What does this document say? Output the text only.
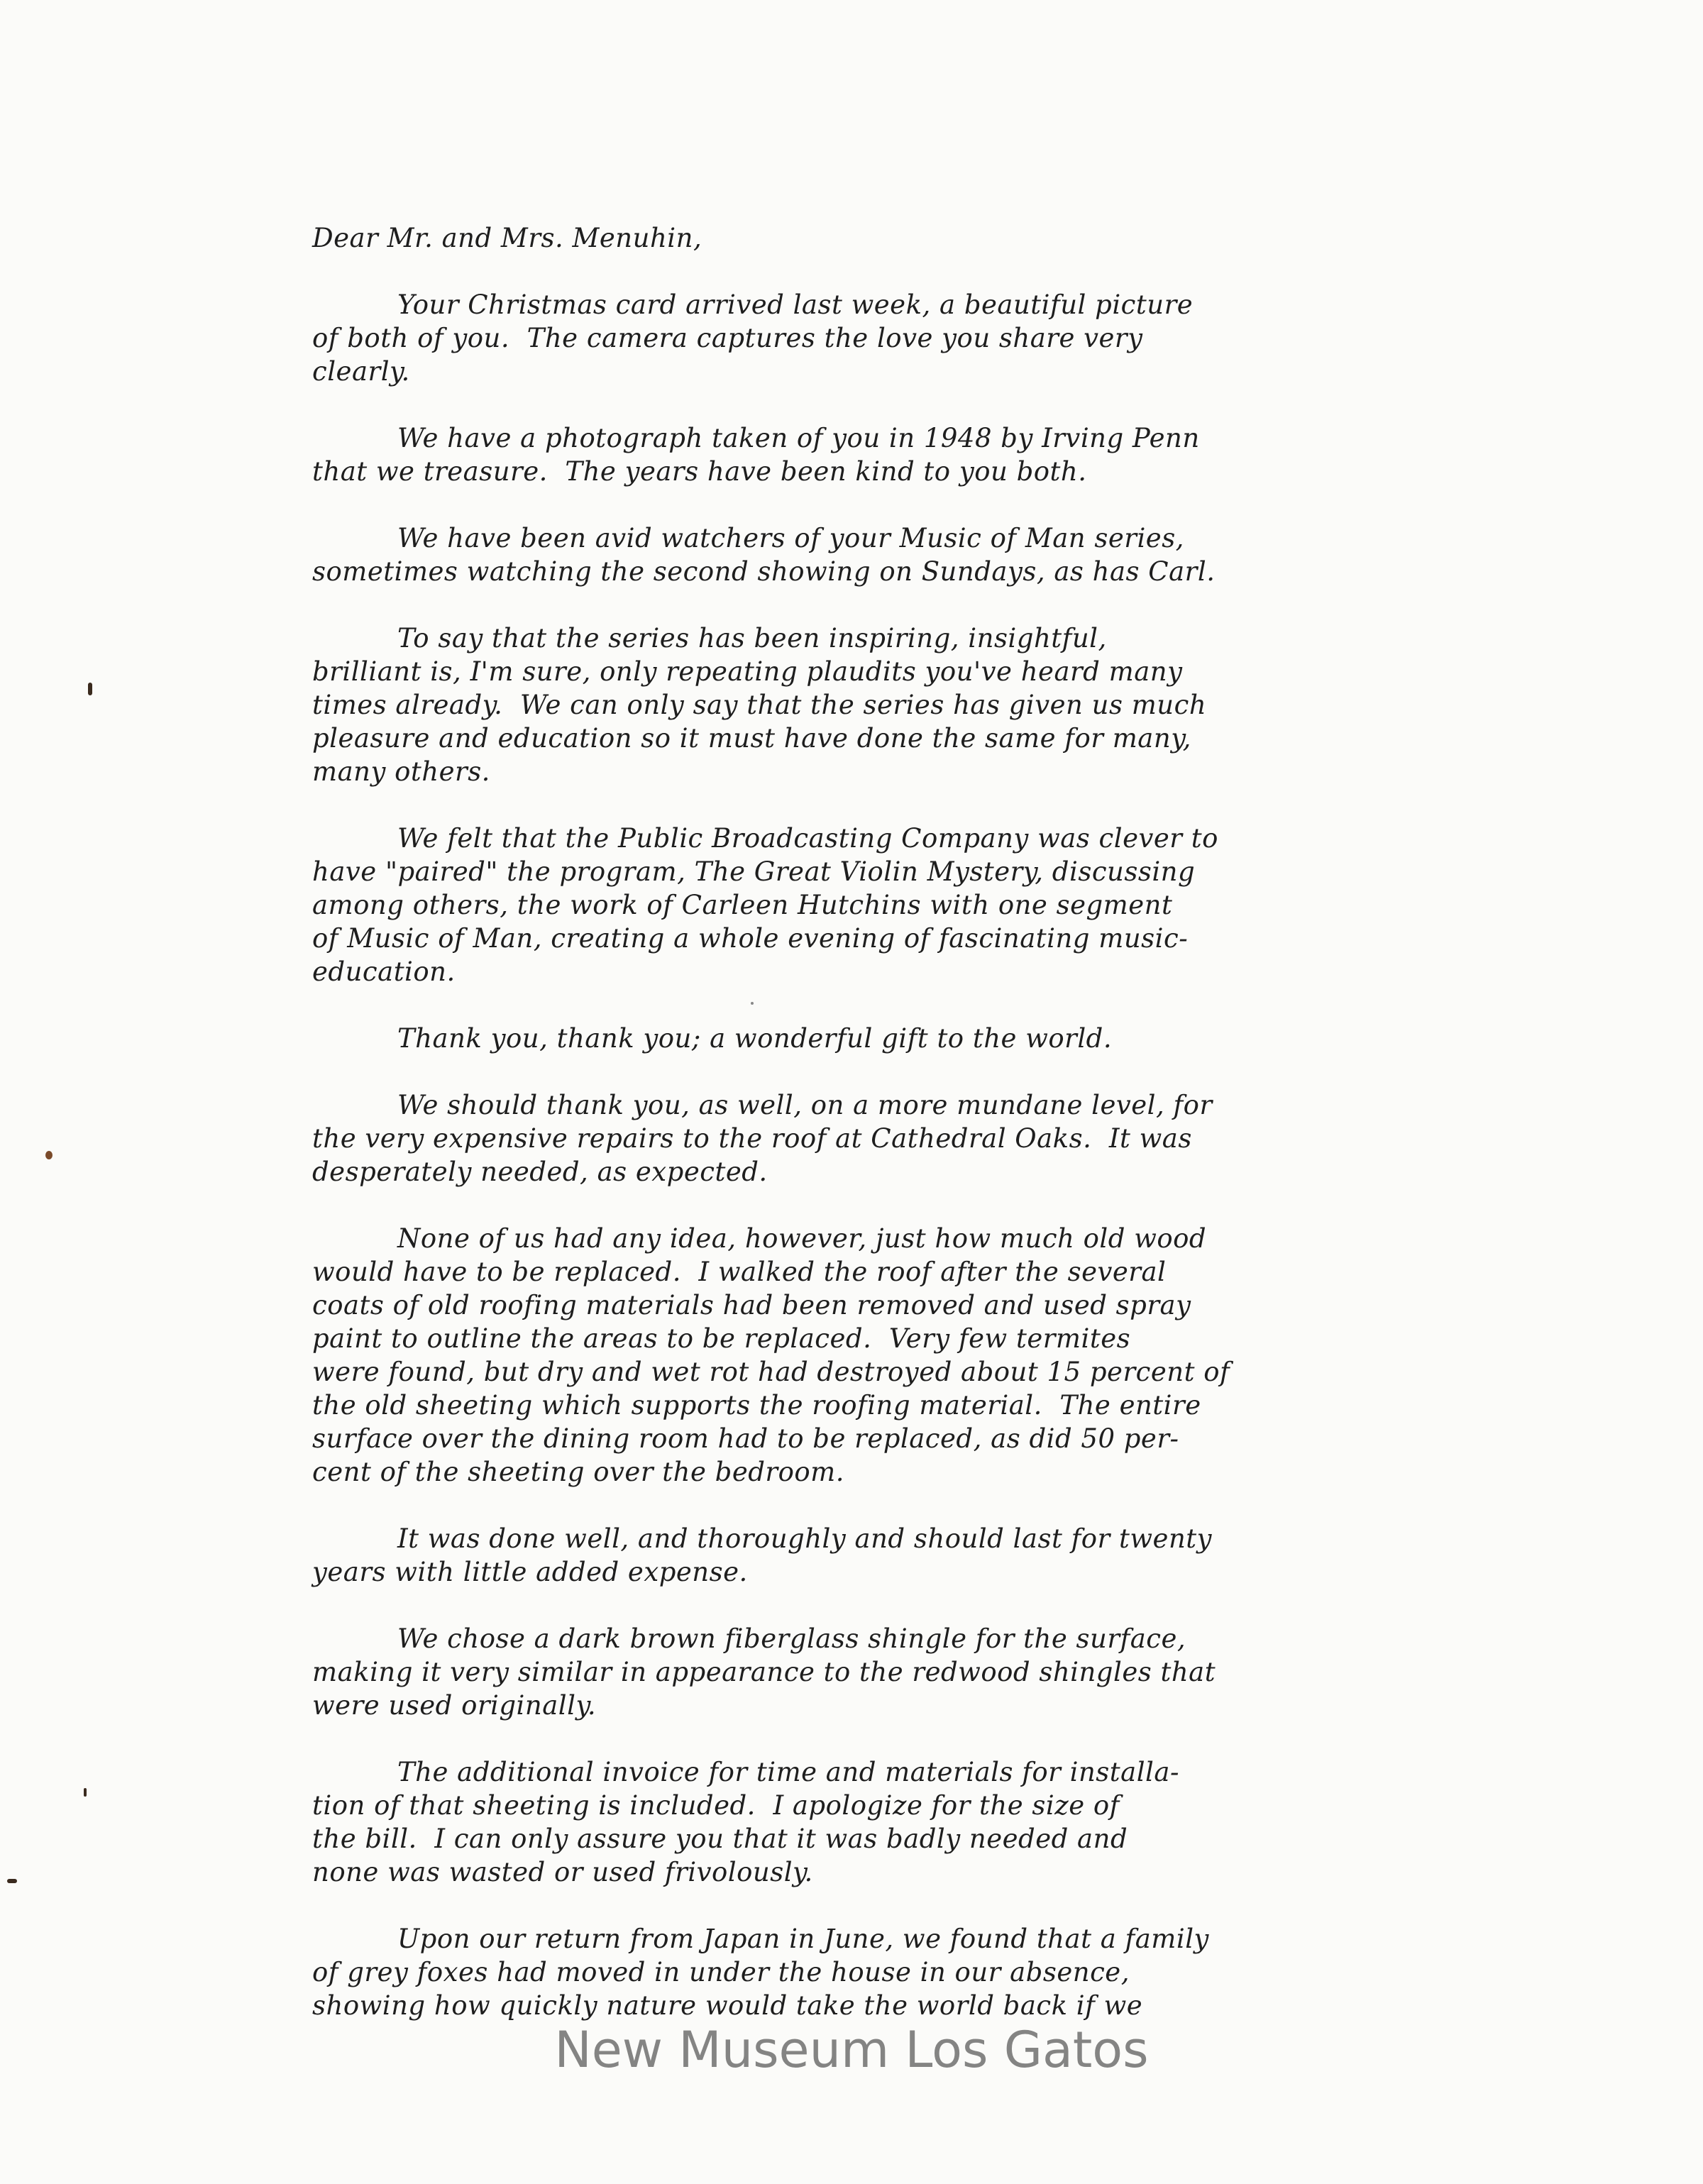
Dear Mr. and Mrs. Menuhin,
Your Christmas card arrived last week, a beautiful picture
of both of you.  The camera captures the love you share very
clearly.
We have a photograph taken of you in 1948 by Irving Penn
that we treasure.  The years have been kind to you both.
We have been avid watchers of your Music of Man series,
sometimes watching the second showing on Sundays, as has Carl.
To say that the series has been inspiring, insightful,
brilliant is, I'm sure, only repeating plaudits you've heard many
times already.  We can only say that the series has given us much
pleasure and education so it must have done the same for many,
many others.
We felt that the Public Broadcasting Company was clever to
have "paired" the program, The Great Violin Mystery, discussing
among others, the work of Carleen Hutchins with one segment
of Music of Man, creating a whole evening of fascinating music-
education.
Thank you, thank you; a wonderful gift to the world.
We should thank you, as well, on a more mundane level, for
the very expensive repairs to the roof at Cathedral Oaks.  It was
desperately needed, as expected.
None of us had any idea, however, just how much old wood
would have to be replaced.  I walked the roof after the several
coats of old roofing materials had been removed and used spray
paint to outline the areas to be replaced.  Very few termites
were found, but dry and wet rot had destroyed about 15 percent of
the old sheeting which supports the roofing material.  The entire
surface over the dining room had to be replaced, as did 50 per-
cent of the sheeting over the bedroom.
It was done well, and thoroughly and should last for twenty
years with little added expense.
We chose a dark brown fiberglass shingle for the surface,
making it very similar in appearance to the redwood shingles that
were used originally.
The additional invoice for time and materials for installa-
tion of that sheeting is included.  I apologize for the size of
the bill.  I can only assure you that it was badly needed and
none was wasted or used frivolously.
Upon our return from Japan in June, we found that a family
of grey foxes had moved in under the house in our absence,
showing how quickly nature would take the world back if we
New Museum Los Gatos
